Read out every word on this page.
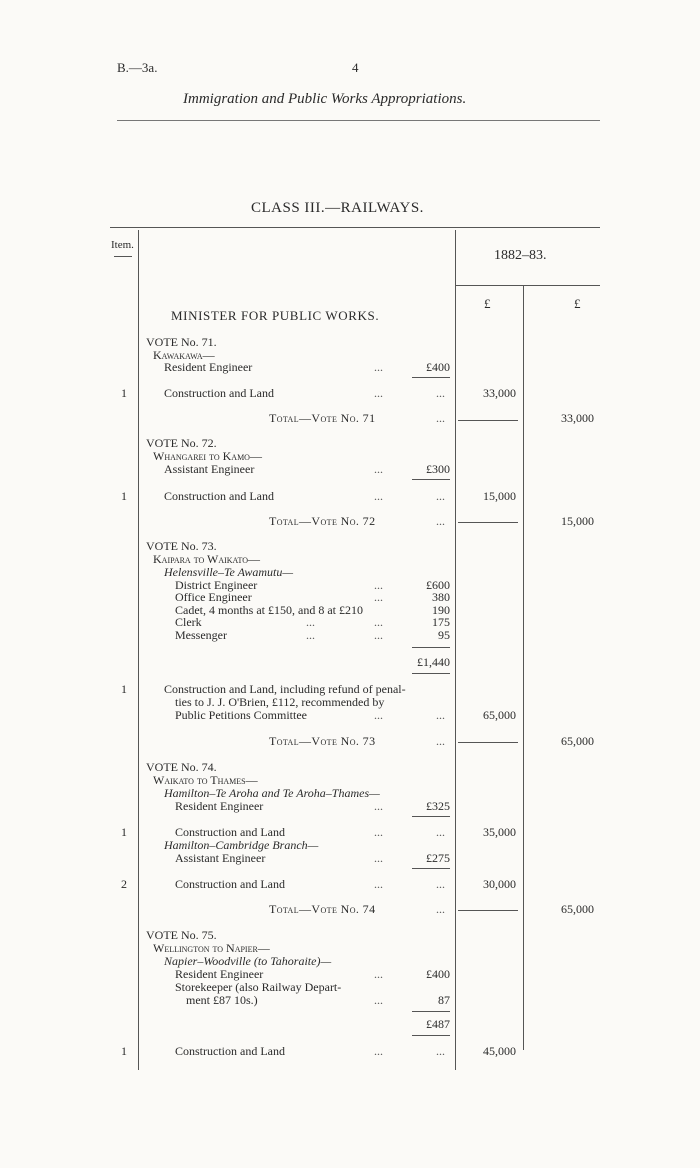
B.—3a.	4
Immigration and Public Works Appropriations.
CLASS III.—RAILWAYS.
Item.
1882–83.
£	£
MINISTER FOR PUBLIC WORKS.
VOTE No. 71.
Kawakawa—
Resident Engineer	...	£400
1	Construction and Land	...	...	33,000
Total—Vote No. 71	...	33,000
VOTE No. 72.
Whangarei to Kamo—
Assistant Engineer	...	£300
1	Construction and Land	...	...	15,000
Total—Vote No. 72	...	15,000
VOTE No. 73.
Kaipara to Waikato—
Helensville–Te Awamutu—
District Engineer	...	£600
Office Engineer	...	380
Cadet, 4 months at £150, and 8 at £210	190
Clerk	...	...	175
Messenger	...	...	95
£1,440
1	Construction and Land, including refund of penal-
ties to J. J. O'Brien, £112, recommended by
Public Petitions Committee	...	...	65,000
Total—Vote No. 73	...	65,000
VOTE No. 74.
Waikato to Thames—
Hamilton–Te Aroha and Te Aroha–Thames—
Resident Engineer	...	£325
1	Construction and Land	...	...	35,000
Hamilton–Cambridge Branch—
Assistant Engineer	...	£275
2	Construction and Land	...	...	30,000
Total—Vote No. 74	...	65,000
VOTE No. 75.
Wellington to Napier—
Napier–Woodville (to Tahoraite)—
Resident Engineer	...	£400
Storekeeper (also Railway Depart-
ment £87 10s.)	...	87
£487
1	Construction and Land	...	...	45,000
